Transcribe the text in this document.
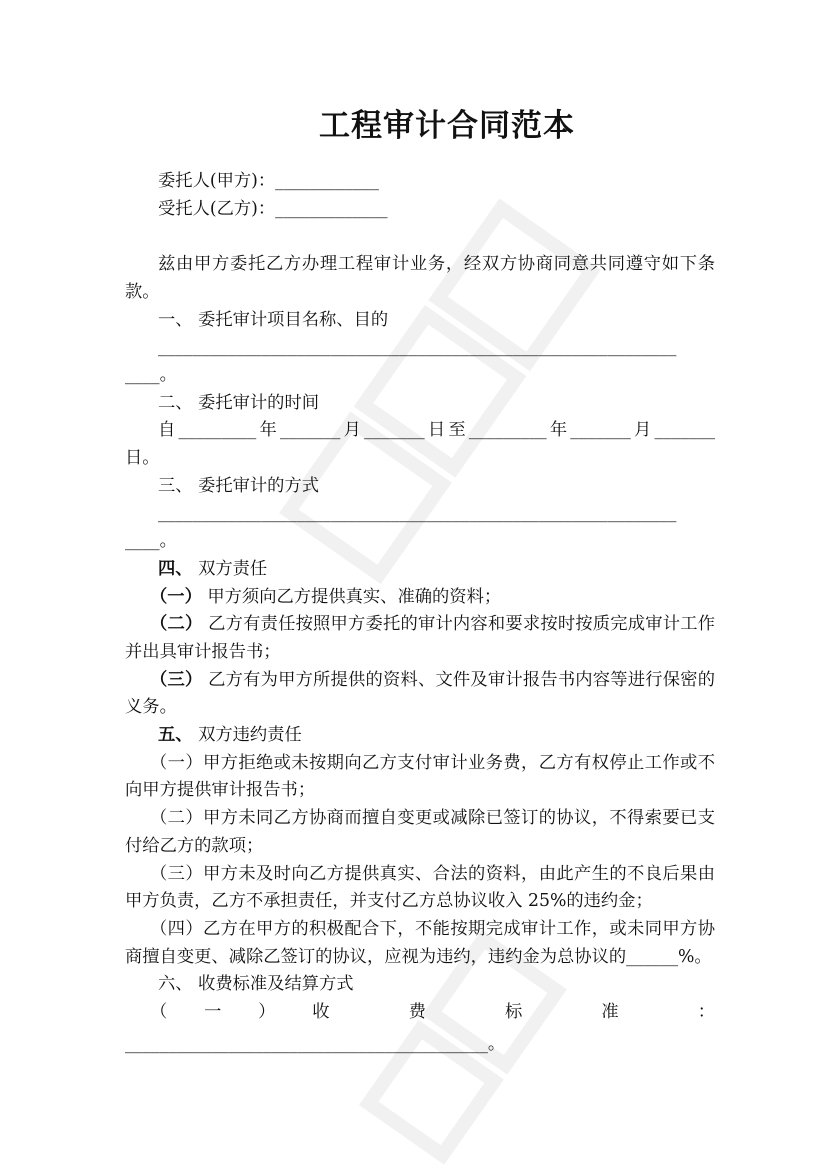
工程审计合同范本
委托人(甲方)：____________
受托人(乙方)：_____________
兹由甲方委托乙方办理工程审计业务，经双方协商同意共同遵守如下条
款。
一、 委托审计项目名称、目的
____________________________________________________________
____。
二、 委托审计的时间
自_________年_______月_______日至_________年_______月_______
日。
三、 委托审计的方式
____________________________________________________________
____。
四、 双方责任
（一） 甲方须向乙方提供真实、准确的资料；
（二） 乙方有责任按照甲方委托的审计内容和要求按时按质完成审计工作
并出具审计报告书；
（三） 乙方有为甲方所提供的资料、文件及审计报告书内容等进行保密的
义务。
五、 双方违约责任
（一）甲方拒绝或未按期向乙方支付审计业务费，乙方有权停止工作或不
向甲方提供审计报告书；
（二）甲方未同乙方协商而擅自变更或减除已签订的协议，不得索要已支
付给乙方的款项；
（三）甲方未及时向乙方提供真实、合法的资料，由此产生的不良后果由
甲方负责，乙方不承担责任，并支付乙方总协议收入 25%的违约金；
（四）乙方在甲方的积极配合下，不能按期完成审计工作，或未同甲方协
商擅自变更、减除乙签订的协议，应视为违约，违约金为总协议的______%。
六、 收费标准及结算方式
（一）收 费 标 准 ：
__________________________________________。
